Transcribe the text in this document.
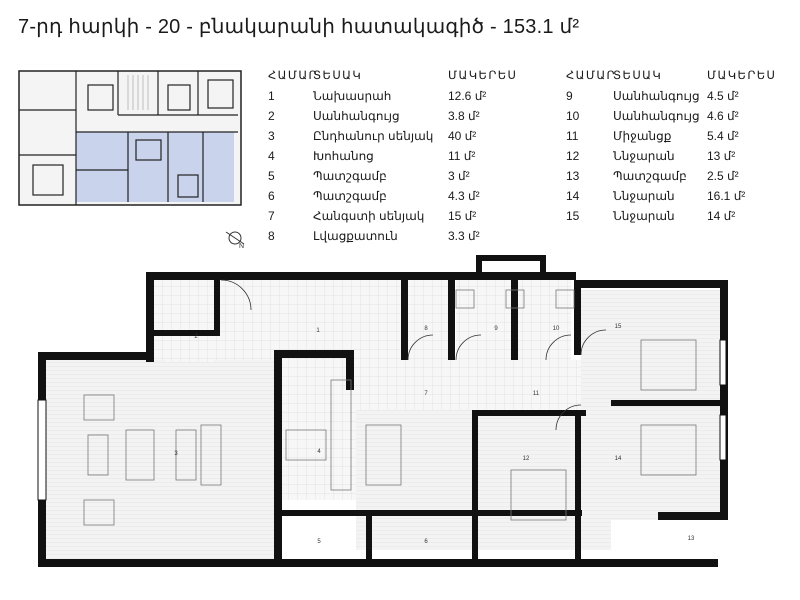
7-րդ հարկի - 20 - բնակարանի հատակագիծ - 153.1 մ²
N
ՀԱՄԱՐ
ՏԵՍԱԿ	ՄԱԿԵՐԵՍ
1	Նախասրահ	12.6 մ²
2	Սանհանգույց	3.8 մ²
3	Ընդհանուր սենյակ	40 մ²
4	Խոհանոց	11 մ²
5	Պատշգամբ	3 մ²
6	Պատշգամբ	4.3 մ²
7	Հանգստի սենյակ	15 մ²
8	Լվացքատուն	3.3 մ²
ՀԱՄԱՐ
ՏԵՍԱԿ	ՄԱԿԵՐԵՍ
9	Սանհանգույց 4.5 մ²
10	Սանհանգույց 4.6 մ²
11	Միջանցք	5.4 մ²
12	Ննջարան	13 մ²
13	Պատշգամբ	2.5 մ²
14	Ննջարան	16.1 մ²
15	Ննջարան	14 մ²
1
2
3	4
5	6
7
8	9	10
11
12
13
14
15
